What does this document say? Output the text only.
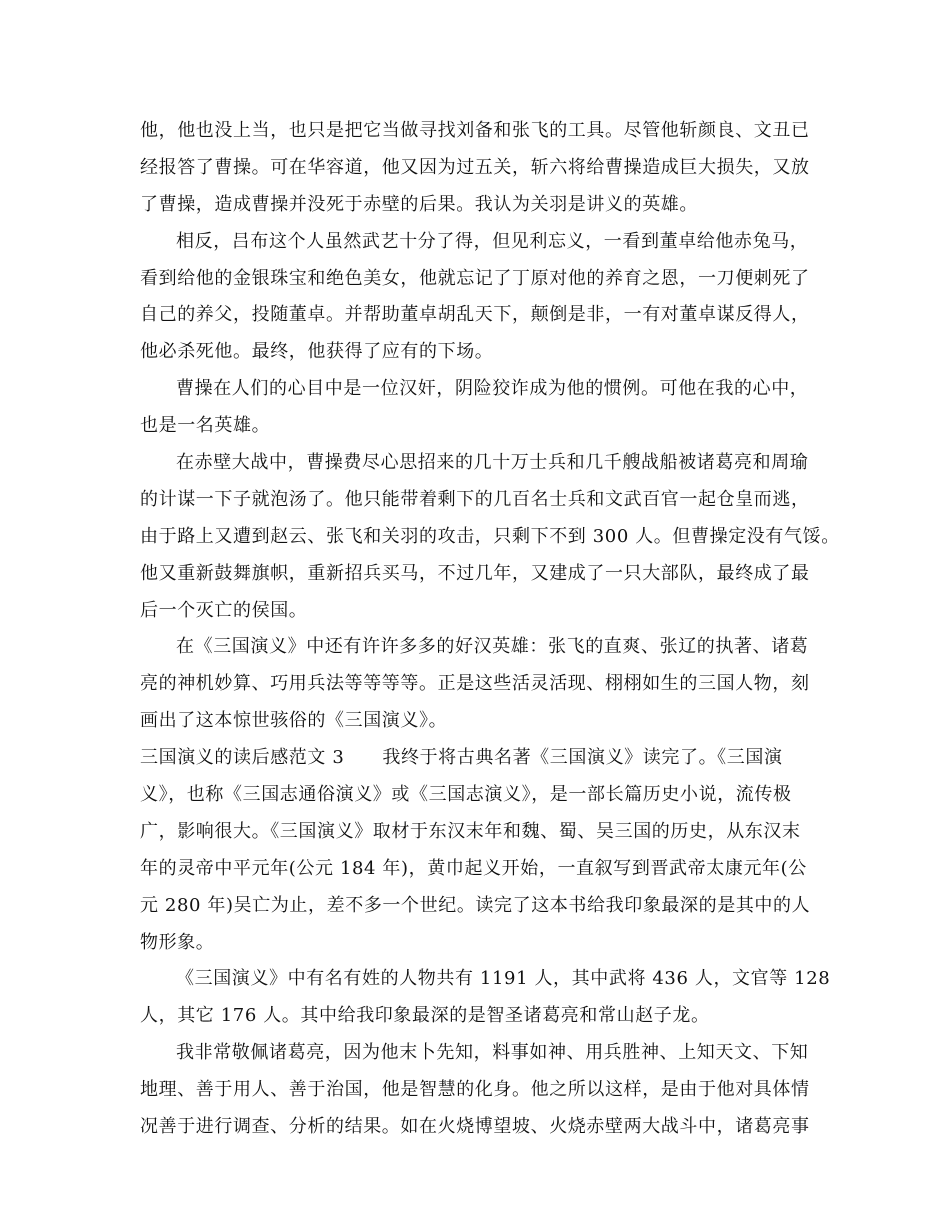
他，他也没上当，也只是把它当做寻找刘备和张飞的工具。尽管他斩颜良、文丑已
经报答了曹操。可在华容道，他又因为过五关，斩六将给曹操造成巨大损失，又放
了曹操，造成曹操并没死于赤壁的后果。我认为关羽是讲义的英雄。
相反，吕布这个人虽然武艺十分了得，但见利忘义，一看到董卓给他赤兔马，
看到给他的金银珠宝和绝色美女，他就忘记了丁原对他的养育之恩，一刀便刺死了
自己的养父，投随董卓。并帮助董卓胡乱天下，颠倒是非，一有对董卓谋反得人，
他必杀死他。最终，他获得了应有的下场。
曹操在人们的心目中是一位汉奸，阴险狡诈成为他的惯例。可他在我的心中，
也是一名英雄。
在赤壁大战中，曹操费尽心思招来的几十万士兵和几千艘战船被诸葛亮和周瑜
的计谋一下子就泡汤了。他只能带着剩下的几百名士兵和文武百官一起仓皇而逃，
由于路上又遭到赵云、张飞和关羽的攻击，只剩下不到 300 人。但曹操定没有气馁。
他又重新鼓舞旗帜，重新招兵买马，不过几年，又建成了一只大部队，最终成了最
后一个灭亡的侯国。
在《三国演义》中还有许许多多的好汉英雄：张飞的直爽、张辽的执著、诸葛
亮的神机妙算、巧用兵法等等等等。正是这些活灵活现、栩栩如生的三国人物，刻
画出了这本惊世骇俗的《三国演义》。
三国演义的读后感范文 3 我终于将古典名著《三国演义》读完了。《三国演
义》，也称《三国志通俗演义》或《三国志演义》，是一部长篇历史小说，流传极
广，影响很大。《三国演义》取材于东汉末年和魏、蜀、吴三国的历史，从东汉末
年的灵帝中平元年(公元 184 年)，黄巾起义开始，一直叙写到晋武帝太康元年(公
元 280 年)吴亡为止，差不多一个世纪。读完了这本书给我印象最深的是其中的人
物形象。
《三国演义》中有名有姓的人物共有 1191 人，其中武将 436 人，文官等 128
人，其它 176 人。其中给我印象最深的是智圣诸葛亮和常山赵子龙。
我非常敬佩诸葛亮，因为他末卜先知，料事如神、用兵胜神、上知天文、下知
地理、善于用人、善于治国，他是智慧的化身。他之所以这样，是由于他对具体情
况善于进行调查、分析的结果。如在火烧博望坡、火烧赤壁两大战斗中，诸葛亮事
